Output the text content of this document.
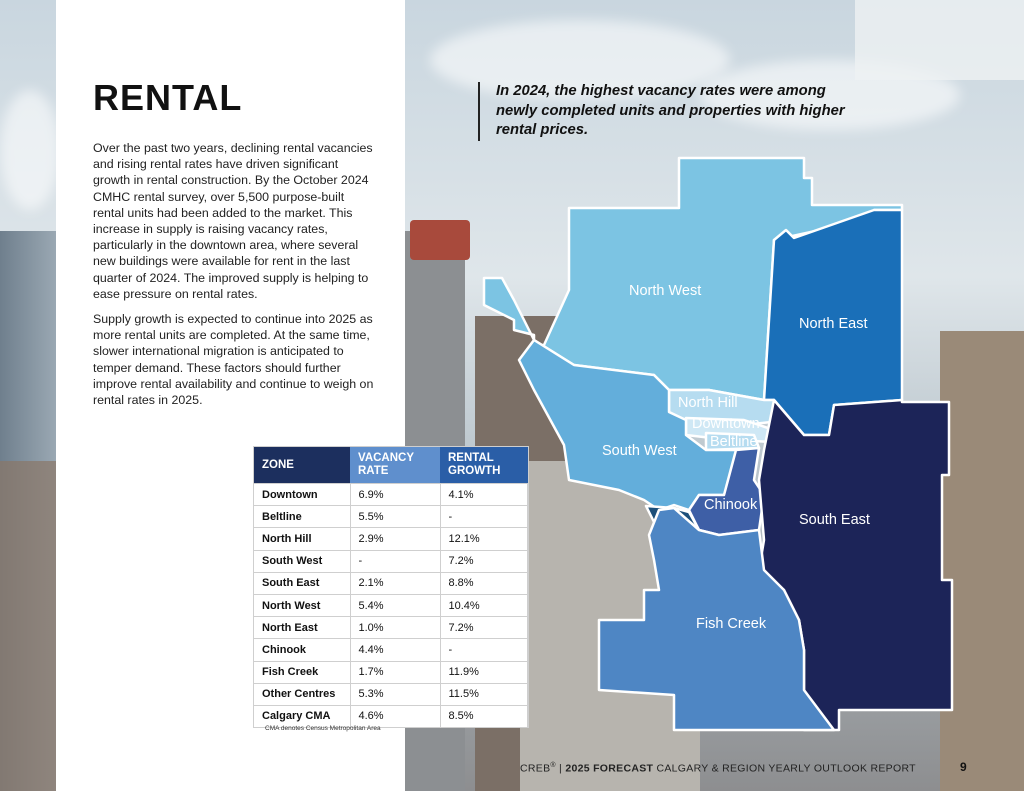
RENTAL

Over the past two years, declining rental vacancies and rising rental rates have driven significant growth in rental construction. By the October 2024 CMHC rental survey, over 5,500 purpose-built rental units had been added to the market. This increase in supply is raising vacancy rates, particularly in the downtown area, where several new buildings were available for rent in the last quarter of 2024. The improved supply is helping to ease pressure on rental rates.

Supply growth is expected to continue into 2025 as more rental units are completed. At the same time, slower international migration is anticipated to temper demand. These factors should further improve rental availability and continue to weigh on rental rates in 2025.

In 2024, the highest vacancy rates were among newly completed units and properties with higher rental prices.
North West
North East
North Hill
Downtown
Beltline
South West
Chinook
South East
Fish Creek
ZONE	VACANCY RATE	RENTAL GROWTH
Downtown	6.9%	4.1%
Beltline	5.5%	-
North Hill	2.9%	12.1%
South West	-	7.2%
South East	2.1%	8.8%
North West	5.4%	10.4%
North East	1.0%	7.2%
Chinook	4.4%	-
Fish Creek	1.7%	11.9%
Other Centres	5.3%	11.5%
Calgary CMA	4.6%	8.5%
CMA denotes Census Metropolitan Area
CREB® | 2025 FORECAST CALGARY & REGION YEARLY OUTLOOK REPORT	9
